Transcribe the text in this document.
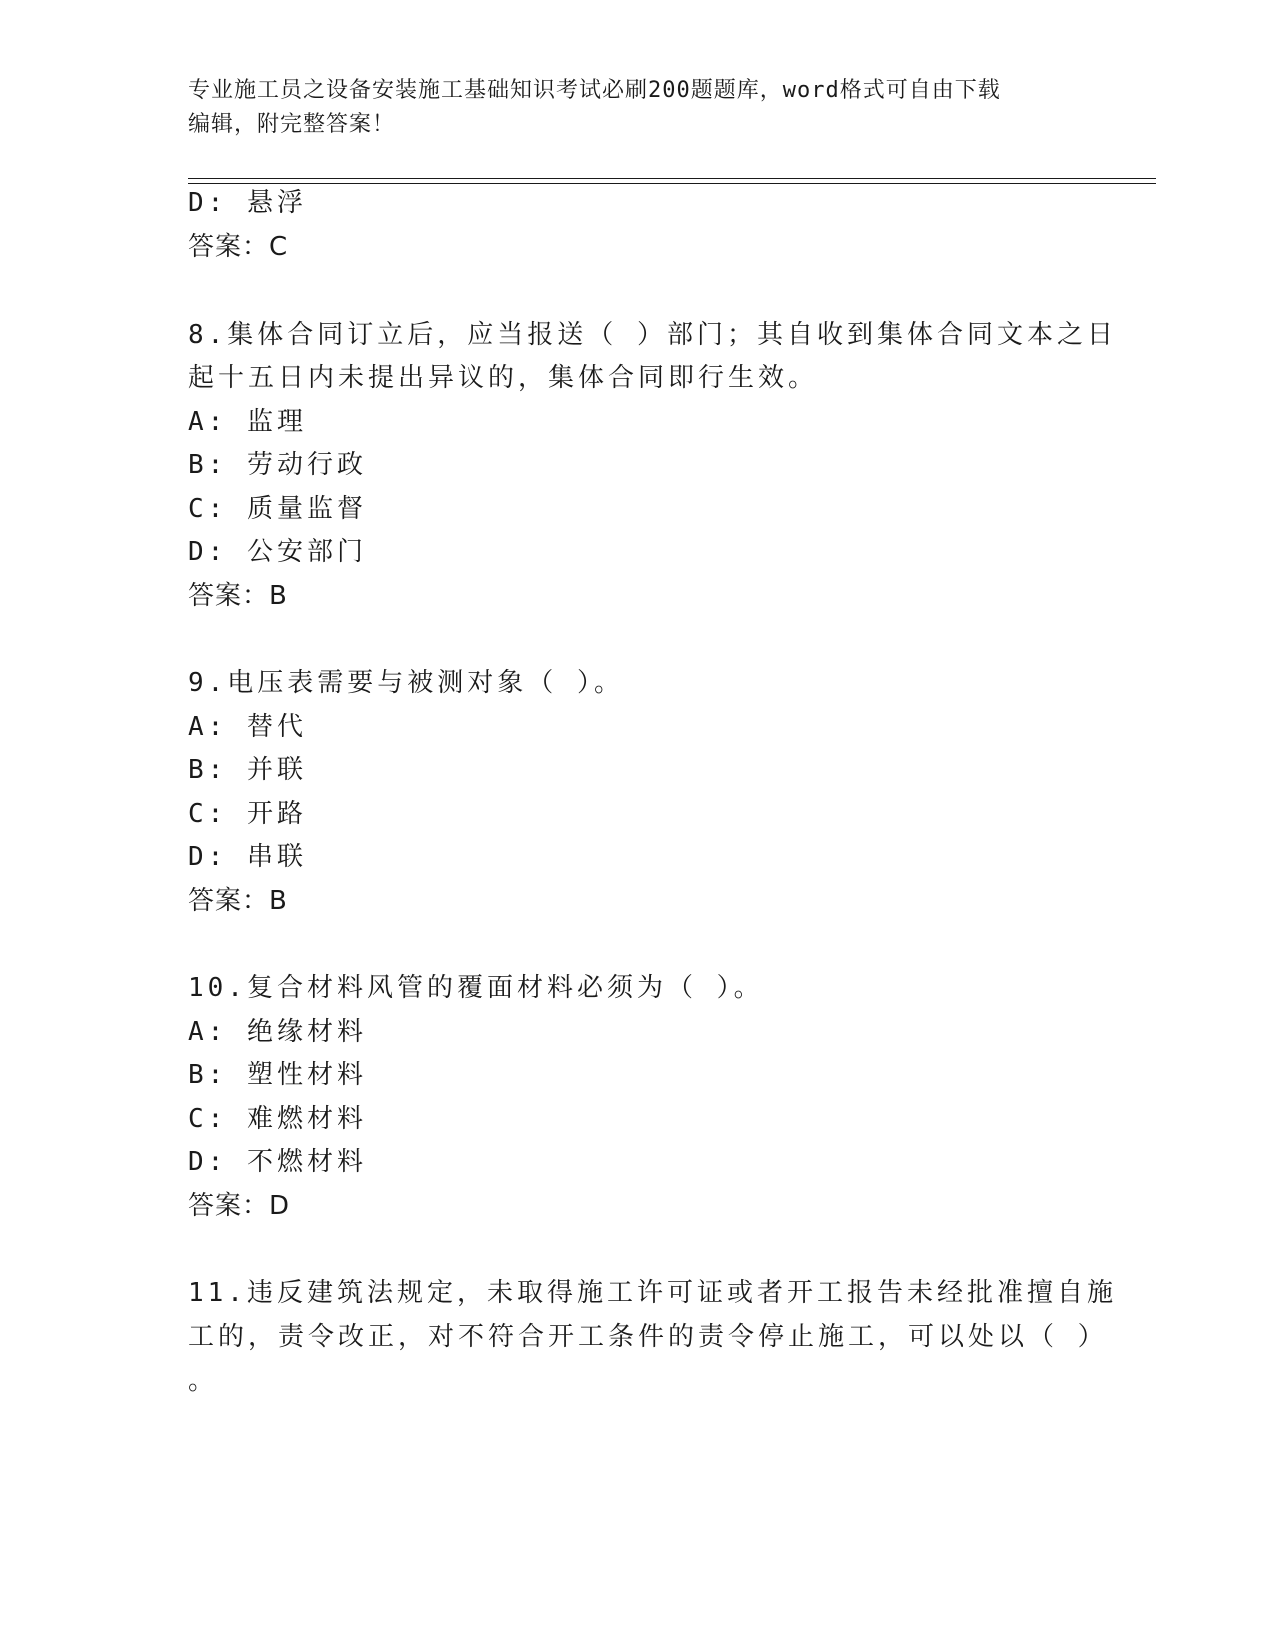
专业施工员之设备安装施工基础知识考试必刷200题题库，word格式可自由下载
编辑，附完整答案！
D: 悬浮
答案：C
8.集体合同订立后，应当报送（ ）部门；其自收到集体合同文本之日
起十五日内未提出异议的，集体合同即行生效。
A: 监理
B: 劳动行政
C: 质量监督
D: 公安部门
答案：B
9.电压表需要与被测对象（ ）。
A: 替代
B: 并联
C: 开路
D: 串联
答案：B
10.复合材料风管的覆面材料必须为（ ）。
A: 绝缘材料
B: 塑性材料
C: 难燃材料
D: 不燃材料
答案：D
11.违反建筑法规定，未取得施工许可证或者开工报告未经批准擅自施
工的，责令改正，对不符合开工条件的责令停止施工，可以处以（ ）
。
